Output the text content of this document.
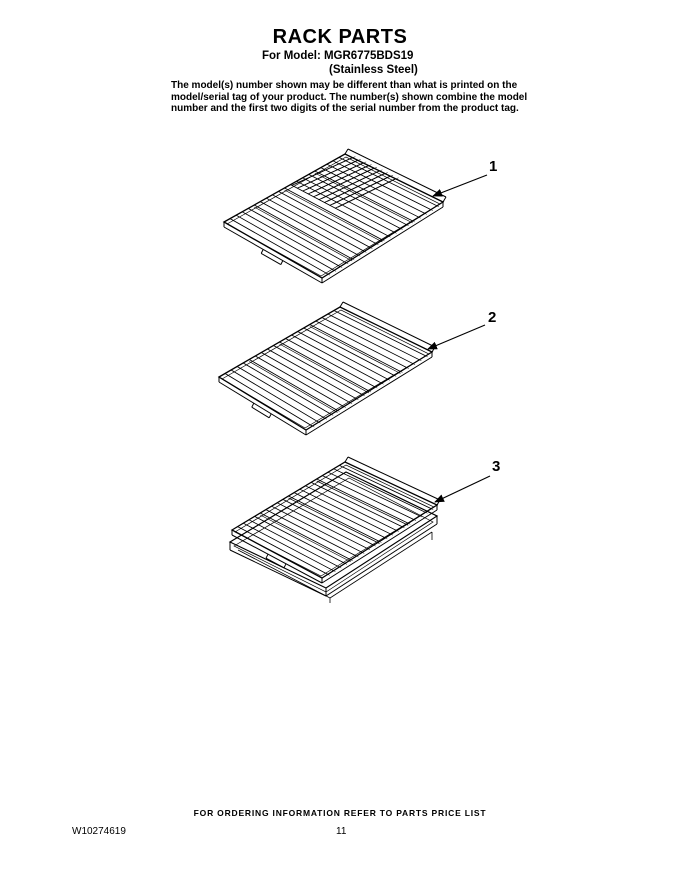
RACK PARTS
For Model: MGR6775BDS19
(Stainless Steel)
The model(s) number shown may be different than what is printed on the
model/serial tag of your product. The number(s) shown combine the model
number and the first two digits of the serial number from the product tag.
1
2
3
FOR ORDERING INFORMATION REFER TO PARTS PRICE LIST
W10274619	11
